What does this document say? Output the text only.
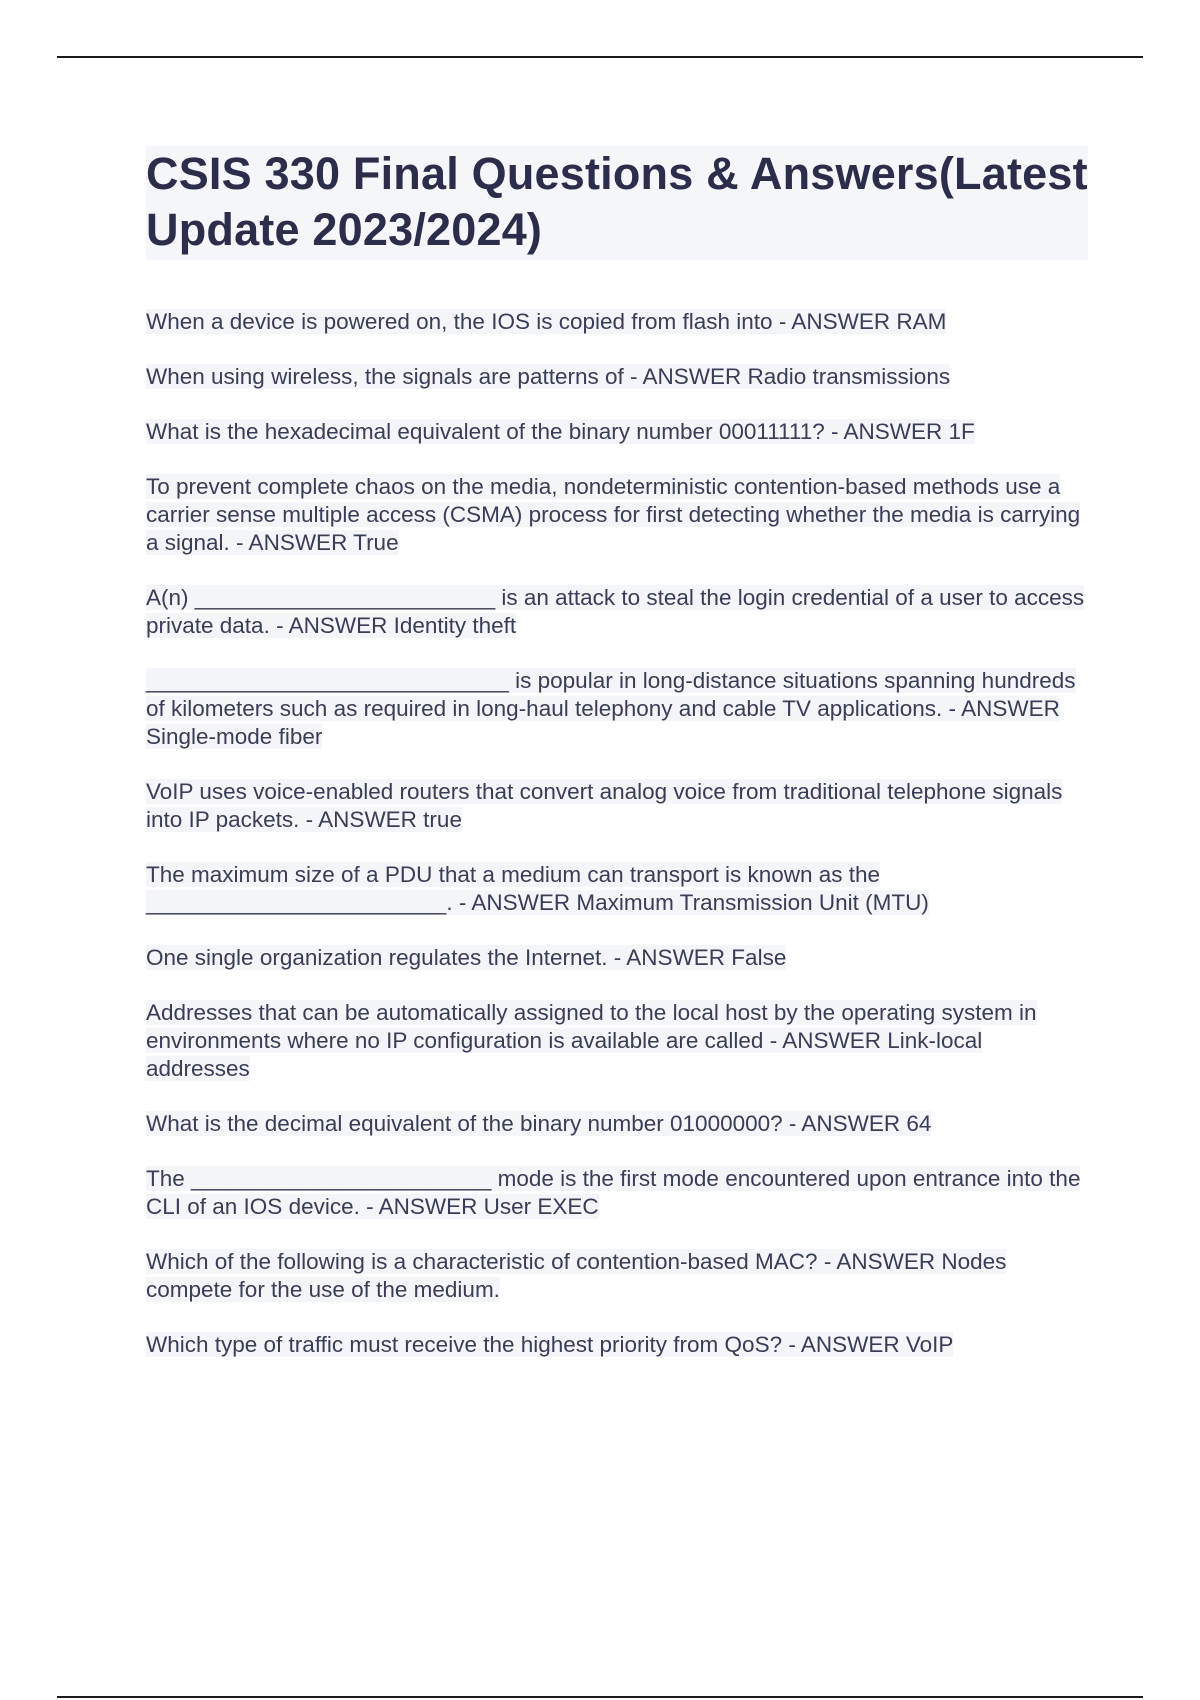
CSIS 330 Final Questions & Answers(Latest Update 2023/2024)
When a device is powered on, the IOS is copied from flash into - ANSWER RAM
When using wireless, the signals are patterns of - ANSWER Radio transmissions
What is the hexadecimal equivalent of the binary number 00011111? - ANSWER 1F
To prevent complete chaos on the media, nondeterministic contention-based methods use a carrier sense multiple access (CSMA) process for first detecting whether the media is carrying a signal. - ANSWER True
A(n) ________________________ is an attack to steal the login credential of a user to access private data. - ANSWER Identity theft
_____________________________ is popular in long-distance situations spanning hundreds of kilometers such as required in long-haul telephony and cable TV applications. - ANSWER Single-mode fiber
VoIP uses voice-enabled routers that convert analog voice from traditional telephone signals into IP packets. - ANSWER true
The maximum size of a PDU that a medium can transport is known as the ________________________. - ANSWER Maximum Transmission Unit (MTU)
One single organization regulates the Internet. - ANSWER False
Addresses that can be automatically assigned to the local host by the operating system in environments where no IP configuration is available are called - ANSWER Link-local addresses
What is the decimal equivalent of the binary number 01000000? - ANSWER 64
The ________________________ mode is the first mode encountered upon entrance into the CLI of an IOS device. - ANSWER User EXEC
Which of the following is a characteristic of contention-based MAC? - ANSWER Nodes compete for the use of the medium.
Which type of traffic must receive the highest priority from QoS? - ANSWER VoIP
